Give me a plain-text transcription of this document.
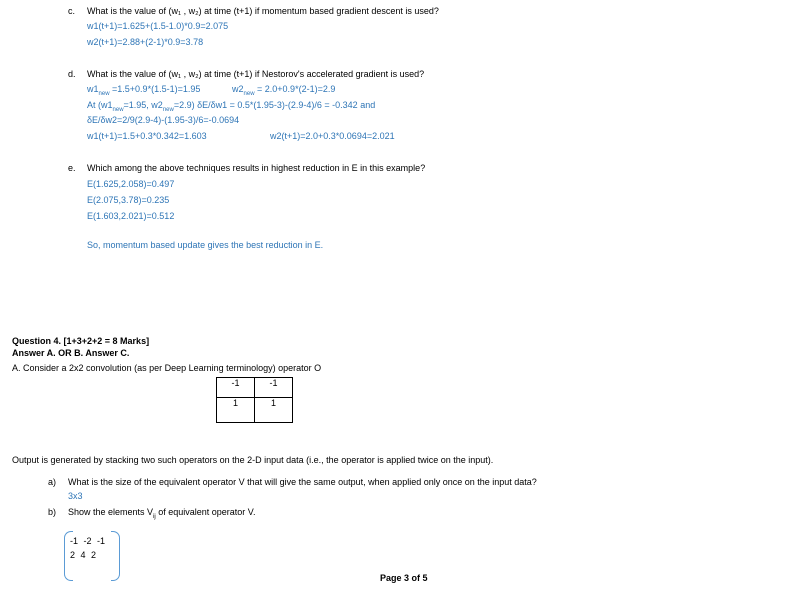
c. What is the value of (w₁ , w₂) at time (t+1) if momentum based gradient descent is used?
w1(t+1)=1.625+(1.5-1.0)*0.9=2.075
w2(t+1)=2.88+(2-1)*0.9=3.78
d. What is the value of (w₁ , w₂) at time (t+1) if Nestorov's accelerated gradient is used?
$w1_{new} =1.5+0.9*(1.5-1)=1.95$	$w2_{new} = 2.0+0.9*(2-1)=2.9$
At ($w1_{new}=1.95$, $w2_{new}=2.9$) δE/δw1 = 0.5*(1.95-3)-(2.9-4)/6 = -0.342 and
δE/δw2=2/9(2.9-4)-(1.95-3)/6=-0.0694
w1(t+1)=1.5+0.3*0.342=1.603	w2(t+1)=2.0+0.3*0.0694=2.021
e. Which among the above techniques results in highest reduction in E in this example?
E(1.625,2.058)=0.497
E(2.075,3.78)=0.235
E(1.603,2.021)=0.512
So, momentum based update gives the best reduction in E.
Question 4. [1+3+2+2 = 8 Marks]
Answer A. OR B. Answer C.
A. Consider a 2x2 convolution (as per Deep Learning terminology) operator O
-1	-1
1	1
Output is generated by stacking two such operators on the 2-D input data (i.e., the operator is applied twice on the input).
a) What is the size of the equivalent operator V that will give the same output, when applied only once on the input data?
3x3
b) Show the elements $V_{ij}$ of equivalent operator V.
-1 -2 -1
2 4 2
Page 3 of 5
